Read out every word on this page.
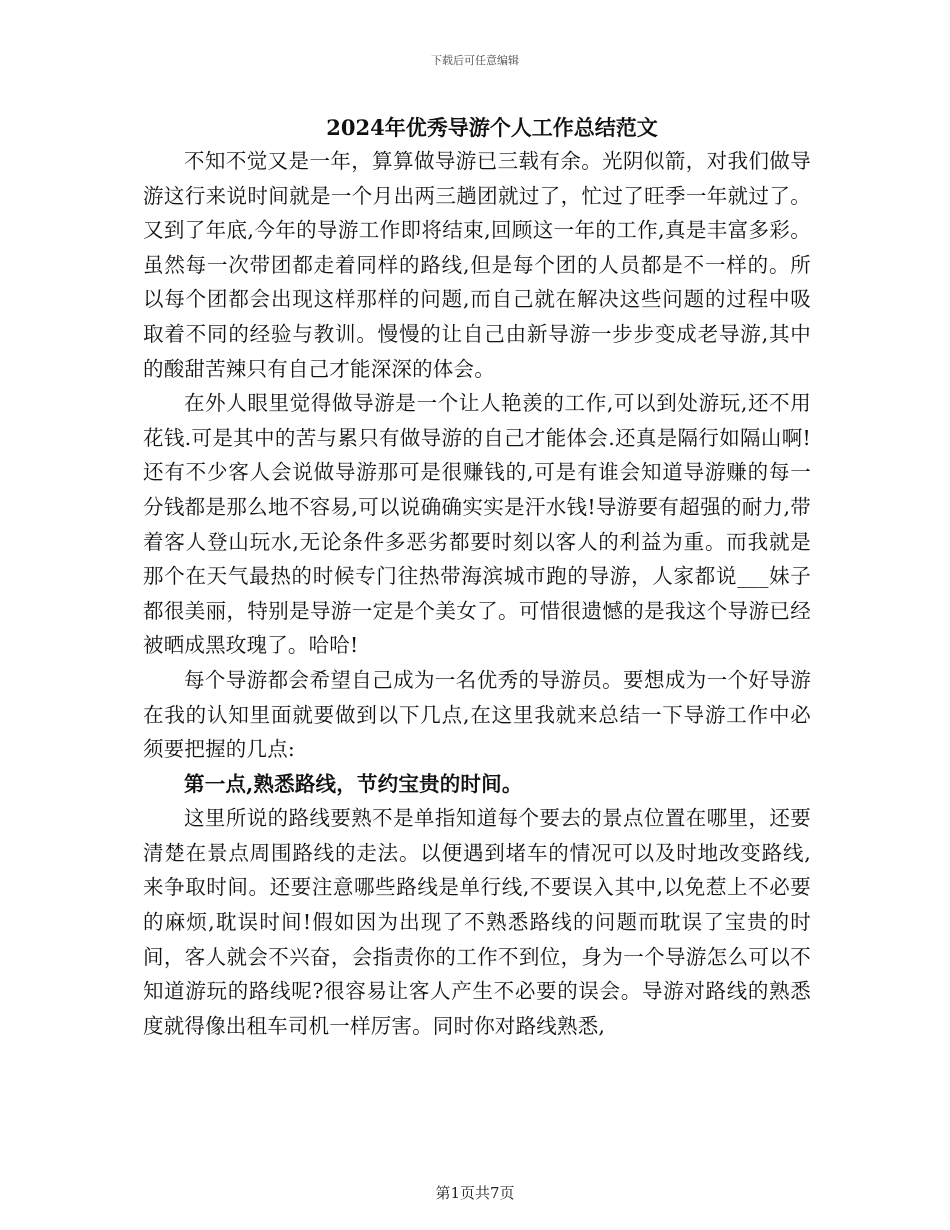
下载后可任意编辑
2024年优秀导游个人工作总结范文

不知不觉又是一年，算算做导游已三载有余。光阴似箭，对我们做导游这行来说时间就是一个月出两三趟团就过了，忙过了旺季一年就过了。又到了年底,今年的导游工作即将结束,回顾这一年的工作,真是丰富多彩。虽然每一次带团都走着同样的路线,但是每个团的人员都是不一样的。所以每个团都会出现这样那样的问题,而自己就在解决这些问题的过程中吸取着不同的经验与教训。慢慢的让自己由新导游一步步变成老导游,其中的酸甜苦辣只有自己才能深深的体会。

在外人眼里觉得做导游是一个让人艳羡的工作,可以到处游玩,还不用花钱.可是其中的苦与累只有做导游的自己才能体会.还真是隔行如隔山啊!还有不少客人会说做导游那可是很赚钱的,可是有谁会知道导游赚的每一分钱都是那么地不容易,可以说确确实实是汗水钱!导游要有超强的耐力,带着客人登山玩水,无论条件多恶劣都要时刻以客人的利益为重。而我就是那个在天气最热的时候专门往热带海滨城市跑的导游，人家都说___妹子都很美丽，特别是导游一定是个美女了。可惜很遗憾的是我这个导游已经被晒成黑玫瑰了。哈哈!

每个导游都会希望自己成为一名优秀的导游员。要想成为一个好导游在我的认知里面就要做到以下几点,在这里我就来总结一下导游工作中必须要把握的几点:

第一点,熟悉路线，节约宝贵的时间。

这里所说的路线要熟不是单指知道每个要去的景点位置在哪里，还要清楚在景点周围路线的走法。以便遇到堵车的情况可以及时地改变路线,来争取时间。还要注意哪些路线是单行线,不要误入其中,以免惹上不必要的麻烦,耽误时间!假如因为出现了不熟悉路线的问题而耽误了宝贵的时间，客人就会不兴奋，会指责你的工作不到位，身为一个导游怎么可以不知道游玩的路线呢?很容易让客人产生不必要的误会。导游对路线的熟悉度就得像出租车司机一样厉害。同时你对路线熟悉,

第1页共7页
